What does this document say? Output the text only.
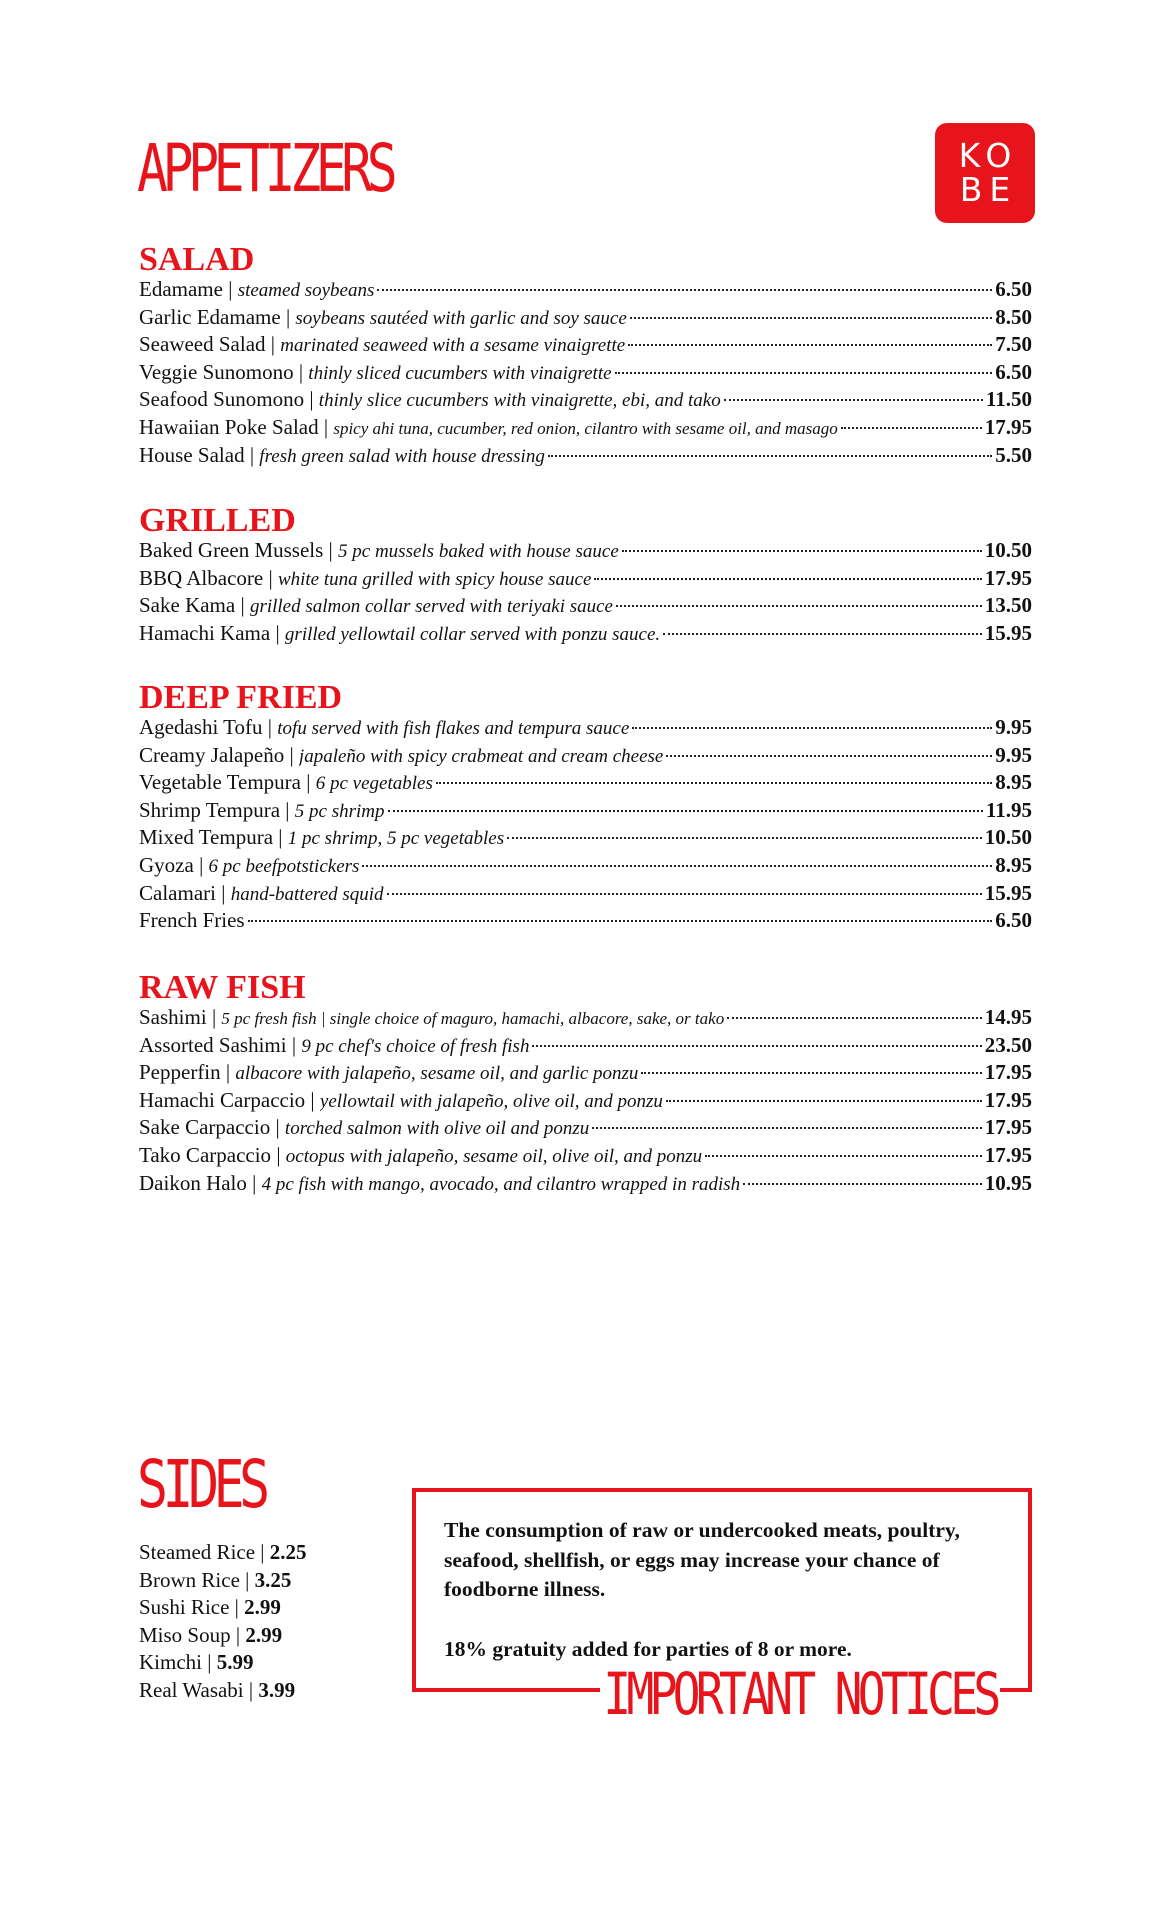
APPETIZERS	KO
BE
SALAD
Edamame | steamed soybeans	6.50
Garlic Edamame | soybeans sautéed with garlic and soy sauce	8.50
Seaweed Salad | marinated seaweed with a sesame vinaigrette	7.50
Veggie Sunomono | thinly sliced cucumbers with vinaigrette	6.50
Seafood Sunomono | thinly slice cucumbers with vinaigrette, ebi, and tako	11.50
Hawaiian Poke Salad | spicy ahi tuna, cucumber, red onion, cilantro with sesame oil, and masago	17.95
House Salad | fresh green salad with house dressing	5.50
GRILLED
Baked Green Mussels | 5 pc mussels baked with house sauce	10.50
BBQ Albacore | white tuna grilled with spicy house sauce	17.95
Sake Kama | grilled salmon collar served with teriyaki sauce	13.50
Hamachi Kama | grilled yellowtail collar served with ponzu sauce.	15.95
DEEP FRIED
Agedashi Tofu | tofu served with fish flakes and tempura sauce	9.95
Creamy Jalapeño | japaleño with spicy crabmeat and cream cheese	9.95
Vegetable Tempura | 6 pc vegetables	8.95
Shrimp Tempura | 5 pc shrimp	11.95
Mixed Tempura | 1 pc shrimp, 5 pc vegetables	10.50
Gyoza | 6 pc beefpotstickers	8.95
Calamari | hand-battered squid	15.95
French Fries	6.50
RAW FISH
Sashimi | 5 pc fresh fish | single choice of maguro, hamachi, albacore, sake, or tako	14.95
Assorted Sashimi | 9 pc chef's choice of fresh fish	23.50
Pepperfin | albacore with jalapeño, sesame oil, and garlic ponzu	17.95
Hamachi Carpaccio | yellowtail with jalapeño, olive oil, and ponzu	17.95
Sake Carpaccio | torched salmon with olive oil and ponzu	17.95
Tako Carpaccio | octopus with jalapeño, sesame oil, olive oil, and ponzu	17.95
Daikon Halo | 4 pc fish with mango, avocado, and cilantro wrapped in radish	10.95
SIDES
Steamed Rice | 2.25
Brown Rice | 3.25
Sushi Rice | 2.99
Miso Soup | 2.99
Kimchi | 5.99
Real Wasabi | 3.99

The consumption of raw or undercooked meats, poultry, seafood, shellfish, or eggs may increase your chance of foodborne illness.

18% gratuity added for parties of 8 or more.

IMPORTANT NOTICES
